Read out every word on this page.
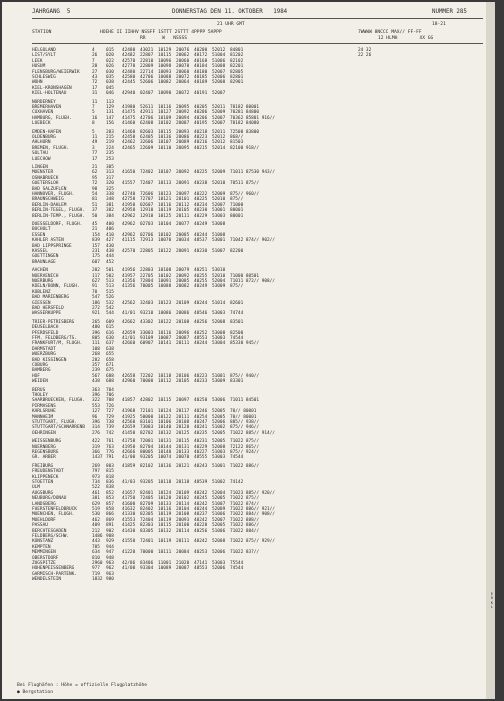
JAHRGANG  5	DONNERSTAG DEN 11. OKTOBER   1984	NUMMER 285
21 UHR GMT	18-21
STATION	HOEHE II IIHHV NSSFF 1STTT 2STTT 4PPPP 5APPP	7WWWW 8NCCC MAX// FF-FF
RR      W   NSSSS	12 HLMH        XX GG
HELGOLAND	4	015 42480 43021 10129 20076 40200 52012 84801	24 32
LIST/SYLT	26 020 42482 22807 10115 20062 40172 51004 81202	22 26
LEEK	7	022 42570 22810 10096 20060 40168 51006 82102
HUSUM	28 026 42770 22809 10098 20070 40184 51008 82201
FLENSBURG/WEIERWIK	27 030 42480 22714 10093 20060 40180 52007 82805
SCHLESWIG	43 035 42580 42706 10088 20072 40185 52006 82801
WOHN	72 038 42445 52606 10082 20064 40189 52008 82901
KIEL-KRONSHAGEN	17 045
KIEL-HOLTENAU	31 046 42940 02407 10090 20072 40191 52007
NORDERNEY	11 113
BREMERHAVEN	7	129 41980 52611 10116 20095 40205 52011 70182 80001
CUXHAVEN	5	131 41475 42911 10127 20092 40206 52009 70281 84800
HAMBURG, FLUGH.	16 147 41475 42706 10109 20094 40206 52007 70362 85801 916//
LUEBECK	8	156 41460 62408 10102 20087 40195 52007 70182 84080
EMDEN-HAFEN	5	203 41460 82603 10115 20093 40218 52011 72500 83800
OLDENBURG	11 215 42458 62405 10136 20086 40223 52012 868//
AHLHORN	49 219 42462 32606 10107 20089 40216 52012 81503
BREMEN, FLUGH.	3	224 42465 22609 10110 20095 40215 52014 82100 918//
SOLTAU	77 235
LUECHOW	17 253
LINGEN	21 305
MUENSTER	62 313 41650 72402 10107 20092 40225 52009 71011 87530 943//
OSNABRUECK	95 317
GUETERSLOH	72 320 41557 72407 10113 20091 40238 52010 70511 875//
BAD SALZUFLEN	98 325
HANNOVER, FLUGH.	54 338 42740 72606 10123 20097 40222 52009 875// 960//
BRAUNSCHWEIG	81 348 42758 72707 10121 20101 40225 52010 875//
BERLIN-DAHLEM	51 381 41950 02607 10116 20112 40234 52007 71000
BERLIN-TEGEL, FLUGH. 37 382 42958 12910 10119 20105 40230 53001 80001
BERLIN-TEMP., FLUGH. 50 384 42962 12910 10125 20111 40229 53003 80001
DUESSELDORF, FLUGH. 45 400 42962 02703 10104 20077 40249 53008
BOCHOLT	21 406
ESSEN	154 410 42962 02706 10102 20085 40244 51008
KAHLER ASTEN	839 427 41115 72913 10070 20034 48537 53001 71042 874// 902//
BAD LIPPSPRINGE	157 430
KASSEL	231 438 42570 22805 10122 20091 40230 51007 82200
GOETTINGEN	175 444
BRAUNLAGE	607 452
AACHEN	202 501 41956 22803 10108 20079 40251 53010
NOERVENICH	117 502 41957 22705 10102 20092 40255 52010 71000 80501
NUERBURG	627 513 41356 72804 10091 20085 40255 52004 71011 872// 908//
KOELN/BONN, FLUGH.	91 513 41356 70005 10088 20082 40249 53009 875//
KOBLENZ	70 515
BAD MARIENBERG	547 526
GIESSEN	186 532 42562 32403 10123 20109 40244 51014 82601
BAD HERSFELD	272 542
WASSERKUPPE	921 544 41/01 93210 10086 20086 48546 53003 74744
TRIER-PETRISBERG	265 609 42662 43302 10122 20108 40256 52008 83501
DEUSELBACH	480 615
PFERDSFELD	396 616 42659 33003 10116 20096 40252 53008 82500
FFM. FELDBERG/TS.	805 630 41/01 93109 10087 20087 48553 53003 74544
FRANKFURT/M, FLUGH. 111 637 42660 60907 10141 20111 40244 53004 85330 945//
DARMSTADT	108 638
WUERZBURG	268 655
BAD KISSINGEN	282 658
COBURG	357 671
BAMBERG	239 675
HOF	567 688 42658 72202 10118 20106 40223 51001 875// 940//
WEIDEN	438 688 42960 70000 10112 20105 40233 53009 83301
BERUS	363 704
THOLEY	396 706
SAARBRUECKEN, FLUGH. 322 708 41857 42802 10115 20097 40250 53006 71011 84501
PIRMASENS	553 726
KARLSRUHE	127 727 41968 72101 10124 20117 40246 52005 70// 80001
MANNHEIM	96 729 41925 50000 10122 20111 40254 52005 70// 80001
STUTTGART, FLUGH.	396 738 42560 83101 10106 20108 40247 52006 885// 938//
STUTTGART/SCHNARRENB 314 739 42659 73003 10140 20120 40241 51002 875// 946//
OEHRINGEN	276 742 41450 82702 10132 20125 40235 52005 71022 885// 914//
WEISSENBURG	422 761 41758 72001 10131 20115 40231 52005 71022 875//
NUERNBERG	319 763 41958 82704 10144 20131 40229 52008 72122 865//
REGENSBURG	366 776 42666 80005 10140 20133 40227 51003 875// 924//
GR. ARBER	1437 791 41/00 93205 10074 20070 48555 53003 74544
FREIBURG	269 803 41859 82102 10136 20121 40243 51001 71022 886//
FREUDENSTADT	797 815
KLIPPENECK	973 818
STOETTEN	734 836 41/03 93205 10118 20118 48539 51002 74142
ULM	522 838
AUGSBURG	461 852 41657 82401 10124 20109 40242 52004 71023 885// 920//
NEUBURG/DONAU	381 853 41750 72405 10128 20102 40245 52005 71022 875//
LANDSBERG	629 857 41600 82709 10133 20114 40242 51007 71022 874//
FUERSTENFELDBRUCK	519 858 41632 82402 10116 20104 40244 52009 71022 886// 921//
MUENCHEN, FLUGH.	530 866 41330 82305 10119 20108 40237 51006 71022 884// 908//
MUEHLDORF	462 869 41553 72404 10119 20093 40242 52007 71022 888//
PASSAU	409 891 41425 82303 10115 20108 40228 52005 71022 886//
BERCHTESGADEN	212 902 41430 83305 10132 20114 40256 51006 71022 884//
FELDBERG/SCHW.	1486 908
KONSTANZ	443 929 41550 72401 10119 20111 40242 52008 71022 875// 929//
KEMPTEN	705 944
MEMMINGEN	634 947 41220 70000 10111 20084 40253 52006 71022 837//
OBERSTDORF	810 948
ZUGSPITZE	2960 963 42/86 83406 11001 21020 47141 53003 75544
HOHENPEISSENBERG	977 962 41/00 93304 10089 20087 48553 52006 74544
GARMISCH-PARTENK.	719 963
WENDELSTEIN	1832 980
Bei Flughäfen : Höhe = offizielle Flugplatzhöhe
● Bergstation
E
R
K
L
